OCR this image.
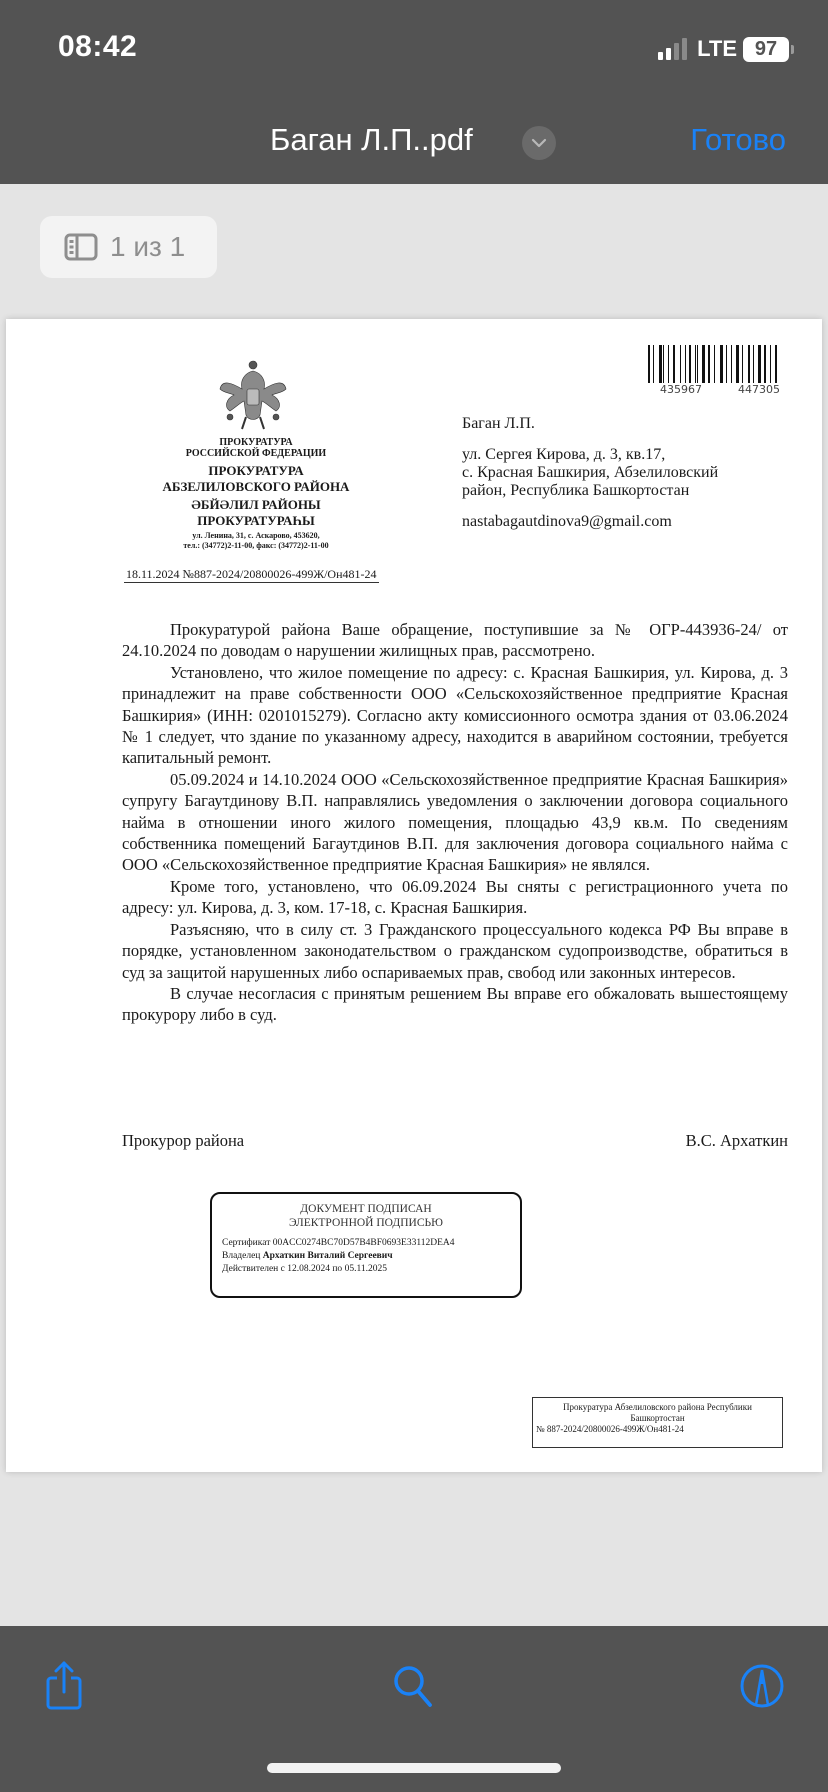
08:42	LTE 97
Баган Л.П..pdf	Готово
1 из 1
ПРОКУРАТУРА
РОССИЙСКОЙ ФЕДЕРАЦИИ
ПРОКУРАТУРА
АБЗЕЛИЛОВСКОГО РАЙОНА
ӘБЙӘЛИЛ РАЙОНЫ
ПРОКУРАТУРАҺЫ
ул. Ленина, 31, с. Аскарово, 453620,
тел.: (34772)2-11-00, факс: (34772)2-11-00
18.11.2024 №887-2024/20800026-499Ж/Он481-24
435967	447305
Баган Л.П.
ул. Сергея Кирова, д. 3, кв.17,
с. Красная Башкирия, Абзелиловский
район, Республика Башкортостан
nastabagautdinova9@gmail.com

Прокуратурой района Ваше обращение, поступившие за № ОГР-443936-24/ от 24.10.2024 по доводам о нарушении жилищных прав, рассмотрено.

Установлено, что жилое помещение по адресу: с. Красная Башкирия, ул. Кирова, д. 3 принадлежит на праве собственности ООО «Сельскохозяйственное предприятие Красная Башкирия» (ИНН: 0201015279). Согласно акту комиссионного осмотра здания от 03.06.2024 № 1 следует, что здание по указанному адресу, находится в аварийном состоянии, требуется капитальный ремонт.

05.09.2024 и 14.10.2024 ООО «Сельскохозяйственное предприятие Красная Башкирия» супругу Багаутдинову В.П. направлялись уведомления о заключении договора социального найма в отношении иного жилого помещения, площадью 43,9 кв.м. По сведениям собственника помещений Багаутдинов В.П. для заключения договора социального найма с ООО «Сельскохозяйственное предприятие Красная Башкирия» не являлся.

Кроме того, установлено, что 06.09.2024 Вы сняты с регистрационного учета по адресу: ул. Кирова, д. 3, ком. 17-18, с. Красная Башкирия.

Разъясняю, что в силу ст. 3 Гражданского процессуального кодекса РФ Вы вправе в порядке, установленном законодательством о гражданском судопроизводстве, обратиться в суд за защитой нарушенных либо оспариваемых прав, свобод или законных интересов.

В случае несогласия с принятым решением Вы вправе его обжаловать вышестоящему прокурору либо в суд.

Прокурор района	В.С. Архаткин
ДОКУМЕНТ ПОДПИСАН
ЭЛЕКТРОННОЙ ПОДПИСЬЮ
Сертификат 00ACC0274BC70D57B4BF0693E33112DEA4
Владелец Архаткин Виталий Сергеевич
Действителен с 12.08.2024 по 05.11.2025
Прокуратура Абзелиловского района Республики Башкортостан
№ 887-2024/20800026-499Ж/Он481-24
